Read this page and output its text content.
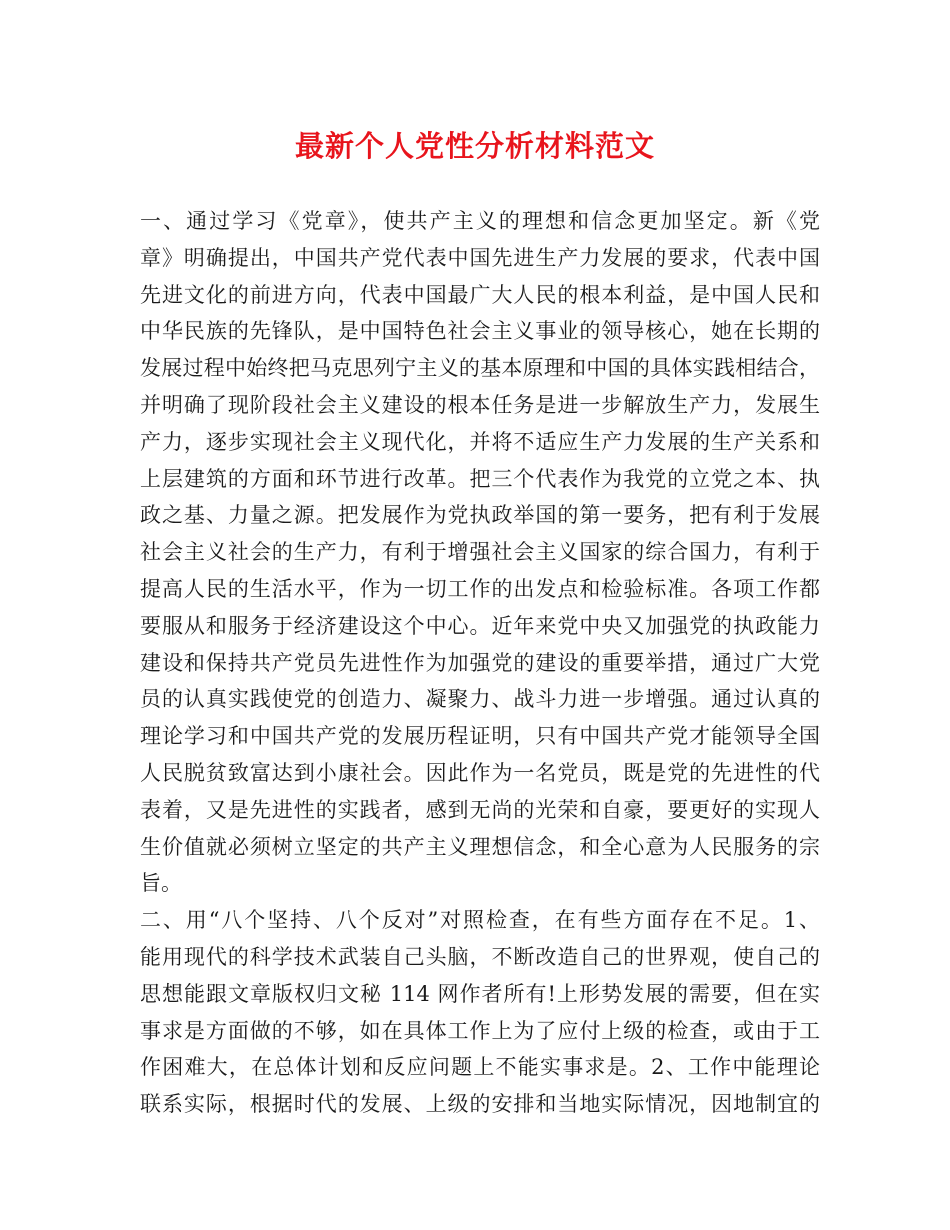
最新个人党性分析材料范文
一、通过学习《党章》，使共产主义的理想和信念更加坚定。新《党
章》明确提出，中国共产党代表中国先进生产力发展的要求，代表中国
先进文化的前进方向，代表中国最广大人民的根本利益，是中国人民和
中华民族的先锋队，是中国特色社会主义事业的领导核心，她在长期的
发展过程中始终把马克思列宁主义的基本原理和中国的具体实践相结合，
并明确了现阶段社会主义建设的根本任务是进一步解放生产力，发展生
产力，逐步实现社会主义现代化，并将不适应生产力发展的生产关系和
上层建筑的方面和环节进行改革。把三个代表作为我党的立党之本、执
政之基、力量之源。把发展作为党执政举国的第一要务，把有利于发展
社会主义社会的生产力，有利于增强社会主义国家的综合国力，有利于
提高人民的生活水平，作为一切工作的出发点和检验标准。各项工作都
要服从和服务于经济建设这个中心。近年来党中央又加强党的执政能力
建设和保持共产党员先进性作为加强党的建设的重要举措，通过广大党
员的认真实践使党的创造力、凝聚力、战斗力进一步增强。通过认真的
理论学习和中国共产党的发展历程证明，只有中国共产党才能领导全国
人民脱贫致富达到小康社会。因此作为一名党员，既是党的先进性的代
表着，又是先进性的实践者，感到无尚的光荣和自豪，要更好的实现人
生价值就必须树立坚定的共产主义理想信念，和全心意为人民服务的宗
旨。
二、用“八个坚持、八个反对”对照检查，在有些方面存在不足。1、
能用现代的科学技术武装自己头脑，不断改造自己的世界观，使自己的
思想能跟文章版权归文秘 114 网作者所有!上形势发展的需要，但在实
事求是方面做的不够，如在具体工作上为了应付上级的检查，或由于工
作困难大，在总体计划和反应问题上不能实事求是。2、工作中能理论
联系实际，根据时代的发展、上级的安排和当地实际情况，因地制宜的
